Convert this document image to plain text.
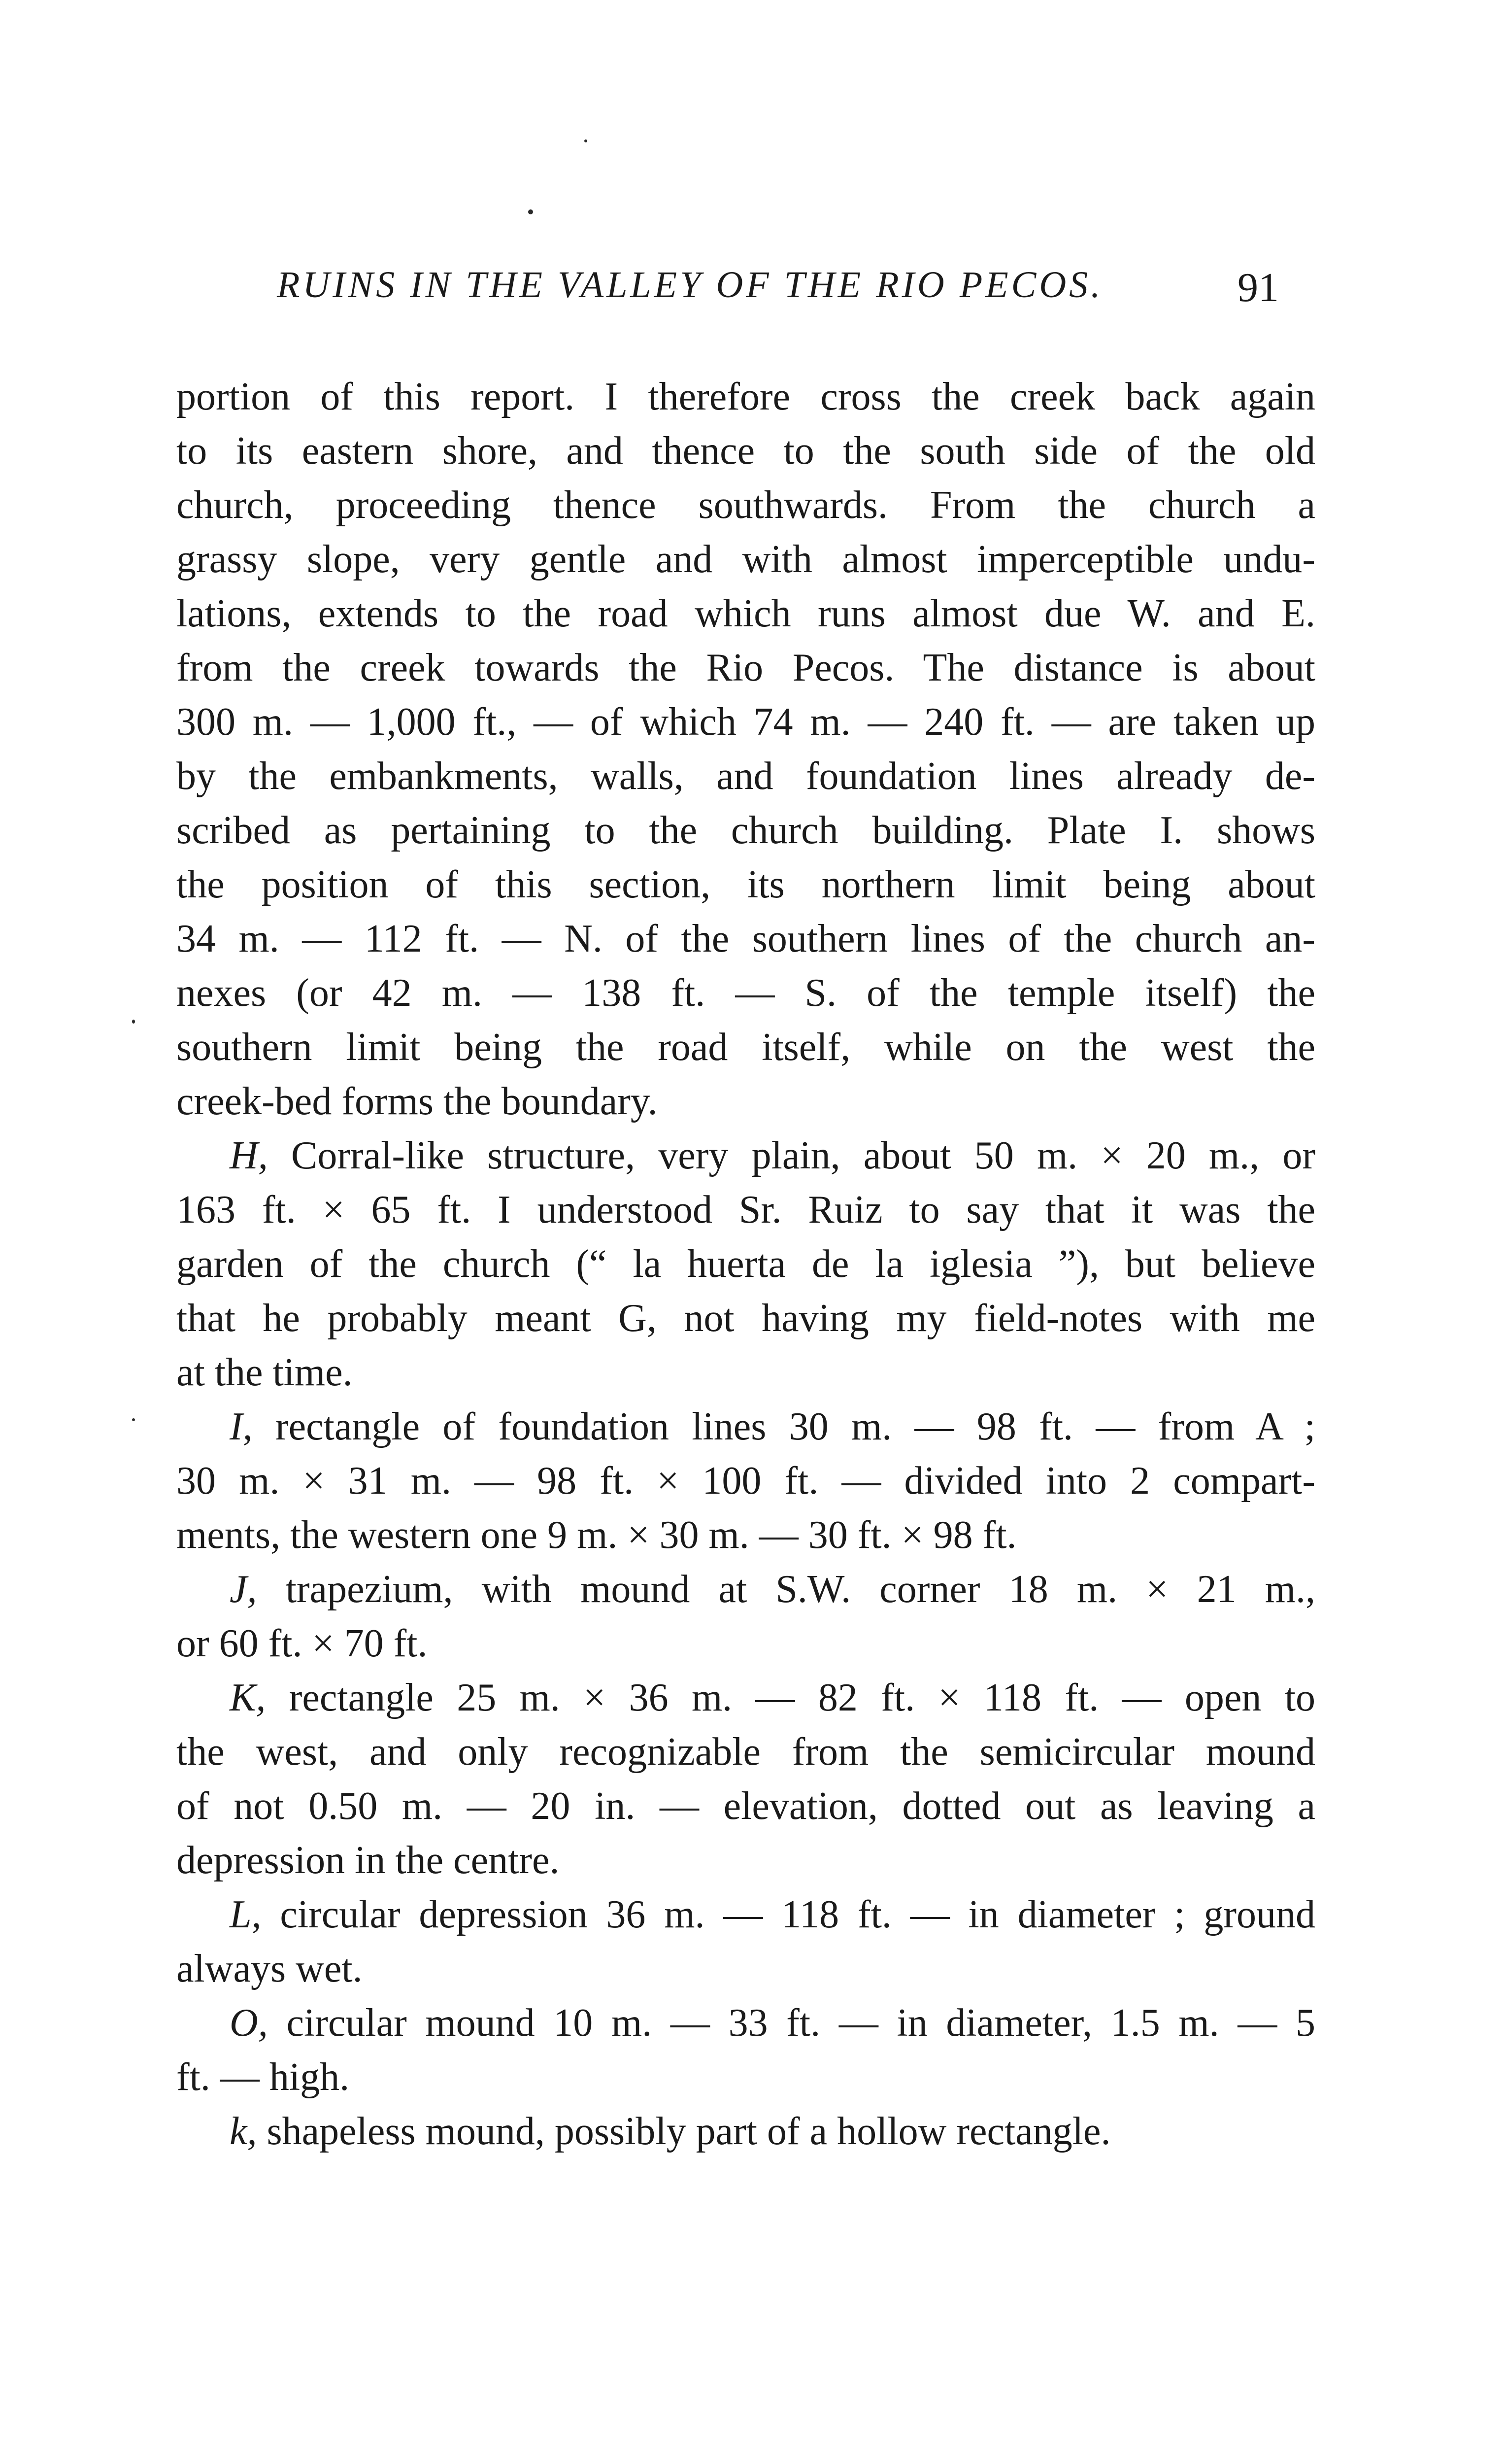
RUINS IN THE VALLEY OF THE RIO PECOS.	91
portion of this report. I therefore cross the creek back again
to its eastern shore, and thence to the south side of the old
church, proceeding thence southwards. From the church a
grassy slope, very gentle and with almost imperceptible undu-
lations, extends to the road which runs almost due W. and E.
from the creek towards the Rio Pecos. The distance is about
300 m. — 1,000 ft., — of which 74 m. — 240 ft. — are taken up
by the embankments, walls, and foundation lines already de-
scribed as pertaining to the church building. Plate I. shows
the position of this section, its northern limit being about
34 m. — 112 ft. — N. of the southern lines of the church an-
nexes (or 42 m. — 138 ft. — S. of the temple itself) the
southern limit being the road itself, while on the west the
creek-bed forms the boundary.
H, Corral-like structure, very plain, about 50 m. × 20 m., or
163 ft. × 65 ft. I understood Sr. Ruiz to say that it was the
garden of the church (“ la huerta de la iglesia ”), but believe
that he probably meant G, not having my field-notes with me
at the time.
I, rectangle of foundation lines 30 m. — 98 ft. — from A ;
30 m. × 31 m. — 98 ft. × 100 ft. — divided into 2 compart-
ments, the western one 9 m. × 30 m. — 30 ft. × 98 ft.
J, trapezium, with mound at S.W. corner 18 m. × 21 m.,
or 60 ft. × 70 ft.
K, rectangle 25 m. × 36 m. — 82 ft. × 118 ft. — open to
the west, and only recognizable from the semicircular mound
of not 0.50 m. — 20 in. — elevation, dotted out as leaving a
depression in the centre.
L, circular depression 36 m. — 118 ft. — in diameter ; ground
always wet.
O, circular mound 10 m. — 33 ft. — in diameter, 1.5 m. — 5
ft. — high.
k, shapeless mound, possibly part of a hollow rectangle.
